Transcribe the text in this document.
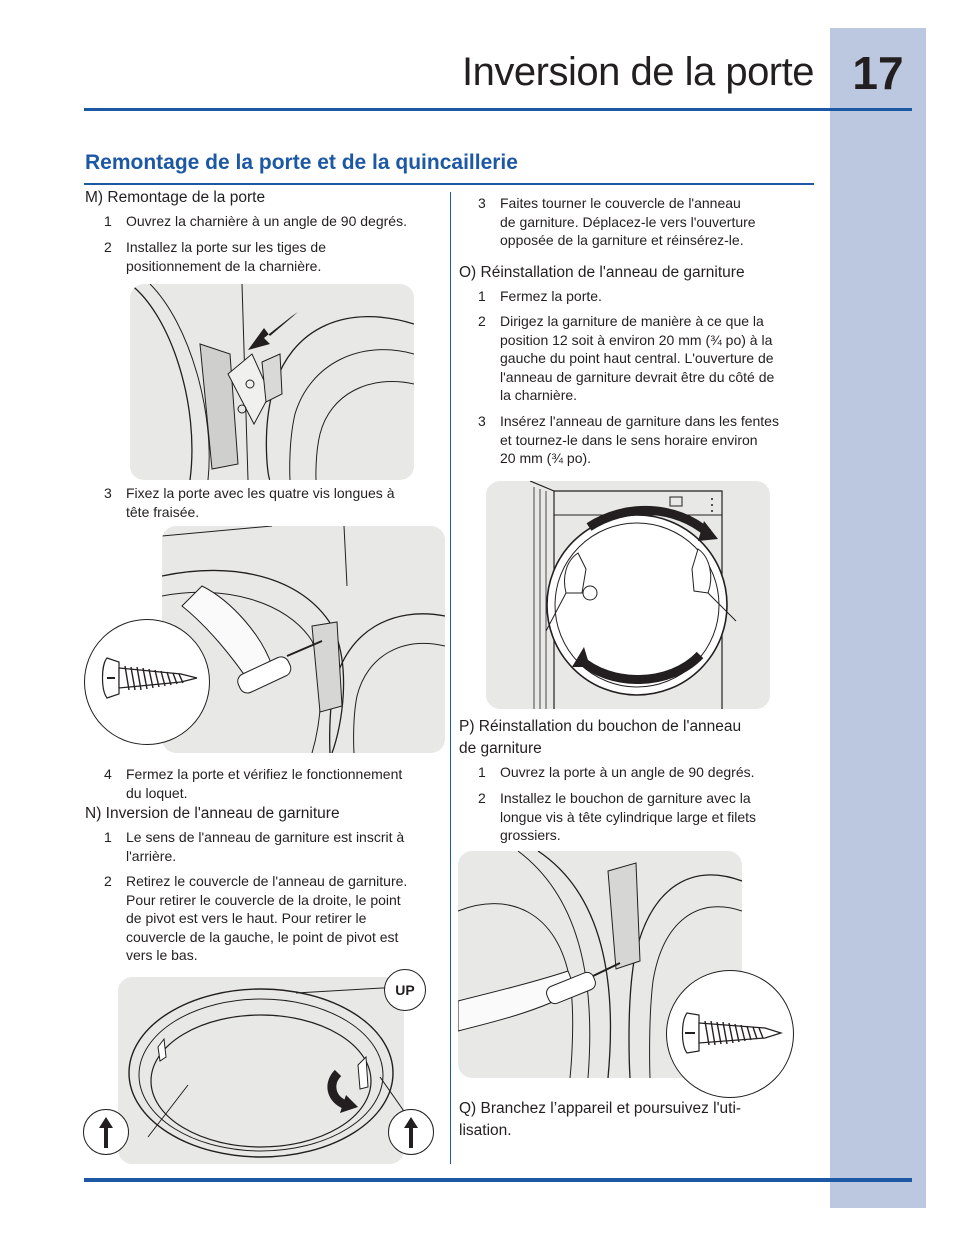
17
Inversion de la porte
Remontage de la porte et de la quincaillerie
M) Remontage de la porte
1	Ouvrez la charnière à un angle de 90 degrés.
2	Installez la porte sur les tiges de
positionnement de la charnière.
3	Fixez la porte avec les quatre vis longues à
tête fraisée.
4	Fermez la porte et vérifiez le fonctionnement
du loquet.
N) Inversion de l'anneau de garniture
1	Le sens de l'anneau de garniture est inscrit à
l'arrière.
2	Retirez le couvercle de l'anneau de garniture.
Pour retirer le couvercle de la droite, le point
de pivot est vers le haut. Pour retirer le
couvercle de la gauche, le point de pivot est
vers le bas.
UP
3	Faites tourner le couvercle de l'anneau
de garniture. Déplacez-le vers l'ouverture
opposée de la garniture et réinsérez-le.
O) Réinstallation de l'anneau de garniture
1	Fermez la porte.
2	Dirigez la garniture de manière à ce que la
position 12 soit à environ 20 mm (¾ po) à la
gauche du point haut central. L'ouverture de
l'anneau de garniture devrait être du côté de
la charnière.
3	Insérez l'anneau de garniture dans les fentes
et tournez-le dans le sens horaire environ
20 mm (¾ po).
P) Réinstallation du bouchon de l'anneau
de garniture
1	Ouvrez la porte à un angle de 90 degrés.
2	Installez le bouchon de garniture avec la
longue vis à tête cylindrique large et filets
grossiers.
Q) Branchez l’appareil et poursuivez l'uti-
lisation.
